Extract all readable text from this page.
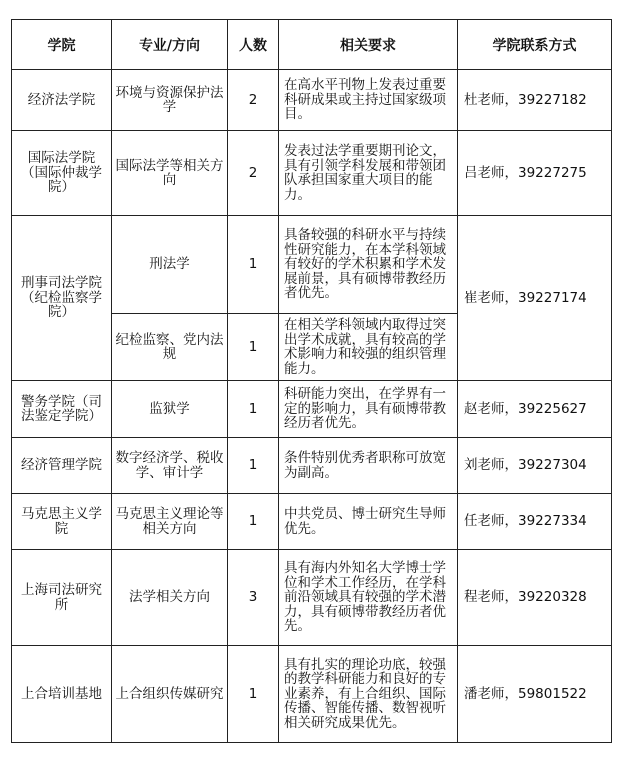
学院	专业/方向	人数	相关要求	学院联系方式
经济法学院	环境与资源保护法学	2	在高水平刊物上发表过重要科研成果或主持过国家级项目。	杜老师，39227182
国际法学院（国际仲裁学院）	国际法学等相关方向	2	发表过法学重要期刊论文，具有引领学科发展和带领团队承担国家重大项目的能力。	吕老师，39227275
刑事司法学院（纪检监察学院）	刑法学	1	具备较强的科研水平与持续性研究能力，在本学科领域有较好的学术积累和学术发展前景，具有硕博带教经历者优先。	崔老师，39227174
	纪检监察、党内法规	1	在相关学科领域内取得过突出学术成就，具有较高的学术影响力和较强的组织管理能力。	
警务学院（司法鉴定学院）	监狱学	1	科研能力突出，在学界有一定的影响力，具有硕博带教经历者优先。	赵老师，39225627
经济管理学院	数字经济学、税收学、审计学	1	条件特别优秀者职称可放宽为副高。	刘老师，39227304
马克思主义学院	马克思主义理论等相关方向	1	中共党员、博士研究生导师优先。	任老师，39227334
上海司法研究所	法学相关方向	3	具有海内外知名大学博士学位和学术工作经历，在学科前沿领域具有较强的学术潜力，具有硕博带教经历者优先。	程老师，39220328
上合培训基地	上合组织传媒研究	1	具有扎实的理论功底，较强的教学科研能力和良好的专业素养，有上合组织、国际传播、智能传播、数智视听相关研究成果优先。	潘老师，59801522
